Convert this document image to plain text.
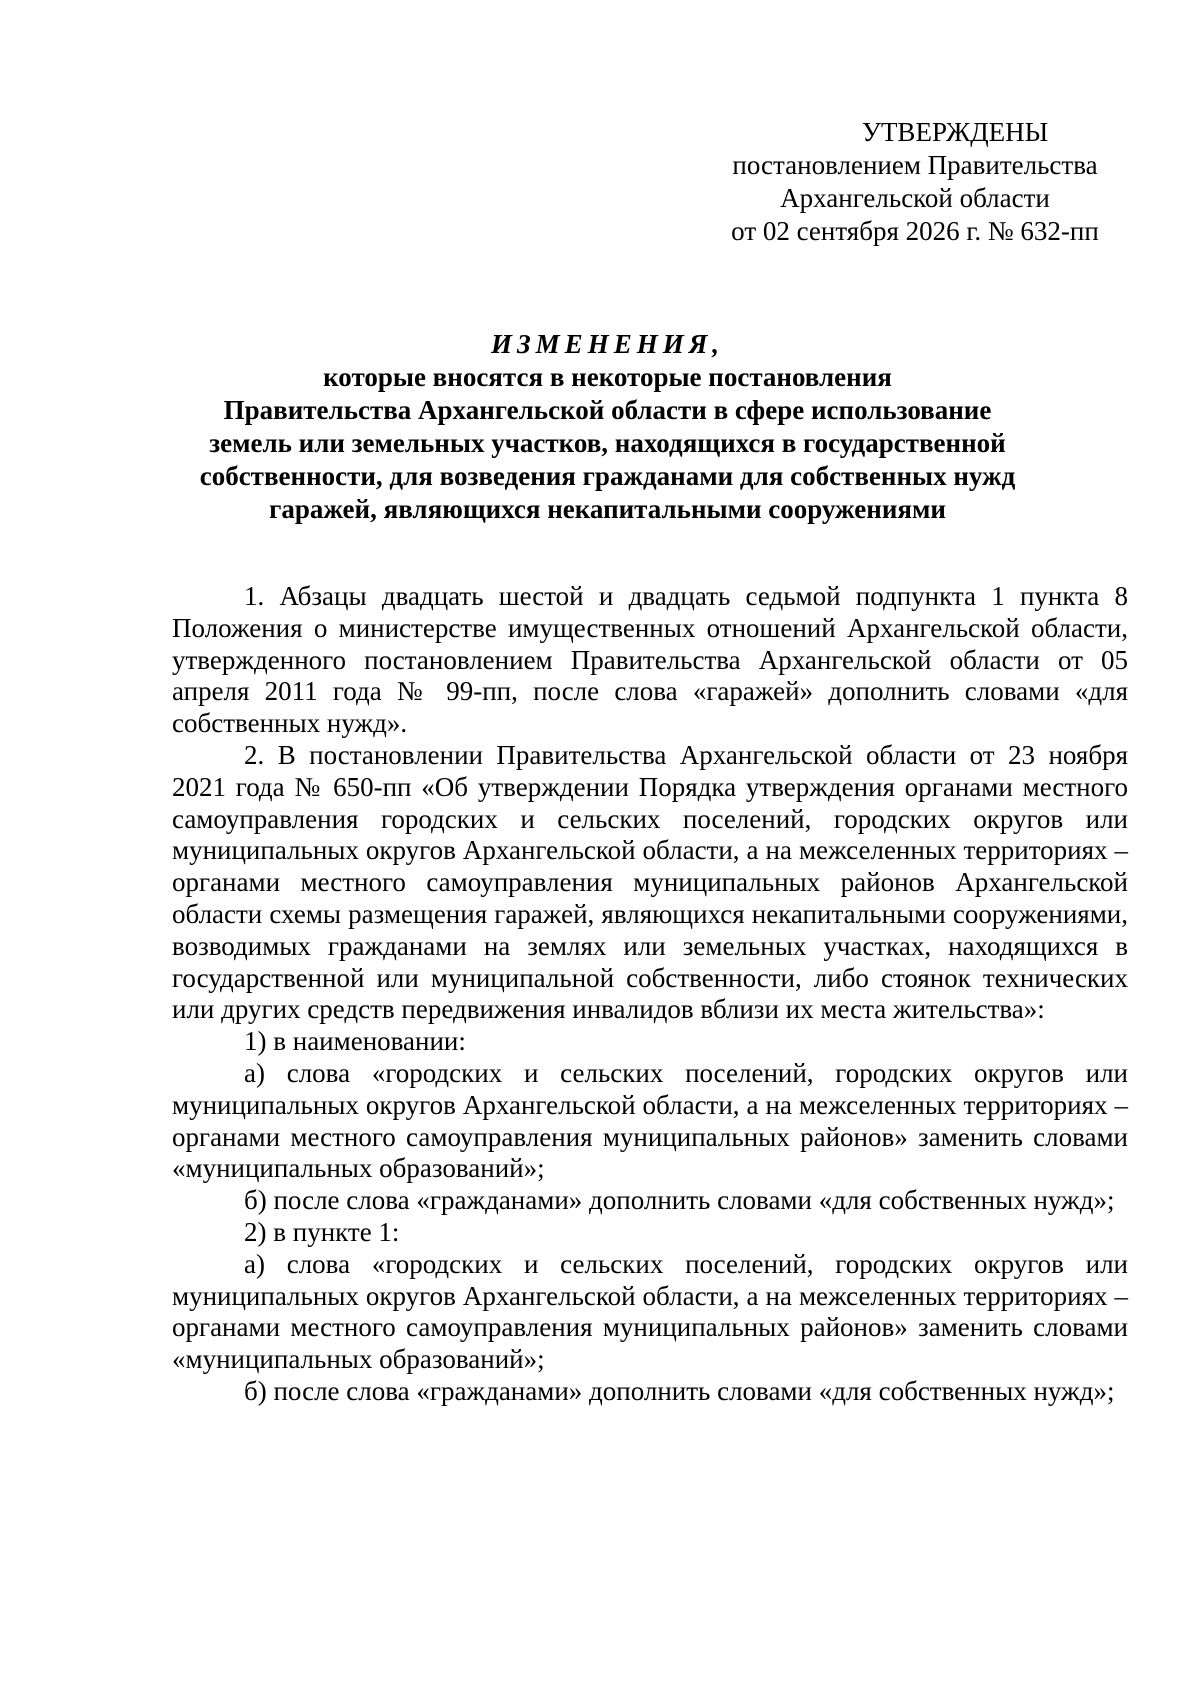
УТВЕРЖДЕНЫ
постановлением Правительства
Архангельской области
от 02 сентября 2026 г. № 632-пп
ИЗМЕНЕНИЯ,
которые вносятся в некоторые постановления
Правительства Архангельской области в сфере использование
земель или земельных участков, находящихся в государственной
собственности, для возведения гражданами для собственных нужд
гаражей, являющихся некапитальными сооружениями

1. Абзацы двадцать шестой и двадцать седьмой подпункта 1 пункта 8 Положения о министерстве имущественных отношений Архангельской области, утвержденного постановлением Правительства Архангельской области от 05 апреля 2011 года № 99-пп, после слова «гаражей» дополнить словами «для собственных нужд».

2. В постановлении Правительства Архангельской области от 23 ноября 2021 года № 650-пп «Об утверждении Порядка утверждения органами местного самоуправления городских и сельских поселений, городских округов или муниципальных округов Архангельской области, а на межселенных территориях – органами местного самоуправления муниципальных районов Архангельской области схемы размещения гаражей, являющихся некапитальными сооружениями, возводимых гражданами на землях или земельных участках, находящихся в государственной или муниципальной собственности, либо стоянок технических или других средств передвижения инвалидов вблизи их места жительства»:

1) в наименовании:

а) слова «городских и сельских поселений, городских округов или муниципальных округов Архангельской области, а на межселенных территориях – органами местного самоуправления муниципальных районов» заменить словами «муниципальных образований»;

б) после слова «гражданами» дополнить словами «для собственных нужд»;

2) в пункте 1:

а) слова «городских и сельских поселений, городских округов или муниципальных округов Архангельской области, а на межселенных территориях – органами местного самоуправления муниципальных районов» заменить словами «муниципальных образований»;

б) после слова «гражданами» дополнить словами «для собственных нужд»;
